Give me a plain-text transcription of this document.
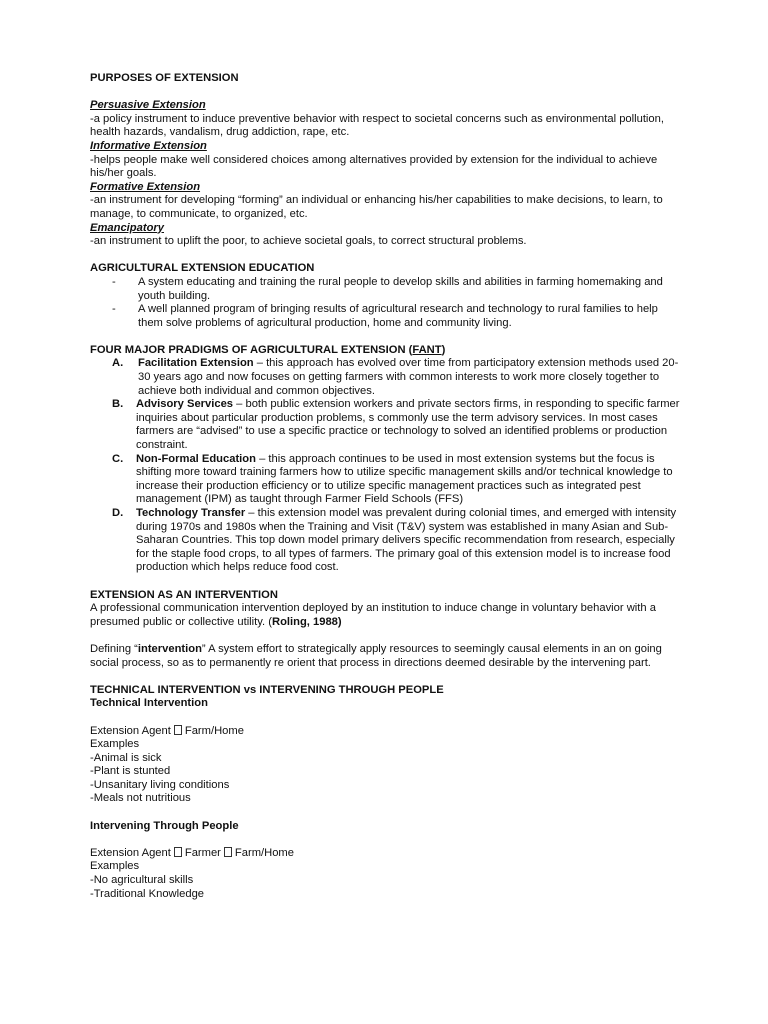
PURPOSES OF EXTENSION

Persuasive Extension

-a policy instrument to induce preventive behavior with respect to societal concerns such as environmental pollution, health hazards, vandalism, drug addiction, rape, etc.

Informative Extension

-helps people make well considered choices among alternatives provided by extension for the individual to achieve his/her goals.

Formative Extension

-an instrument for developing “forming” an individual or enhancing his/her capabilities to make decisions, to learn, to manage, to communicate, to organized, etc.

Emancipatory

-an instrument to uplift the poor, to achieve societal goals, to correct structural problems.

AGRICULTURAL EXTENSION EDUCATION

- A system educating and training the rural people to develop skills and abilities in farming homemaking and youth building.
- A well planned program of bringing results of agricultural research and technology to rural families to help them solve problems of agricultural production, home and community living.

FOUR MAJOR PRADIGMS OF AGRICULTURAL EXTENSION (FANT)

A. Facilitation Extension – this approach has evolved over time from participatory extension methods used 20-30 years ago and now focuses on getting farmers with common interests to work more closely together to achieve both individual and common objectives.
B. Advisory Services – both public extension workers and private sectors firms, in responding to specific farmer inquiries about particular production problems, s commonly use the term advisory services. In most cases farmers are “advised” to use a specific practice or technology to solved an identified problems or production constraint.
C. Non-Formal Education – this approach continues to be used in most extension systems but the focus is shifting more toward training farmers how to utilize specific management skills and/or technical knowledge to increase their production efficiency or to utilize specific management practices such as integrated pest management (IPM) as taught through Farmer Field Schools (FFS)
D. Technology Transfer – this extension model was prevalent during colonial times, and emerged with intensity during 1970s and 1980s when the Training and Visit (T&V) system was established in many Asian and Sub-Saharan Countries. This top down model primary delivers specific recommendation from research, especially for the staple food crops, to all types of farmers. The primary goal of this extension model is to increase food production which helps reduce food cost.

EXTENSION AS AN INTERVENTION

A professional communication intervention deployed by an institution to induce change in voluntary behavior with a presumed public or collective utility. (Roling, 1988)

Defining “intervention” A system effort to strategically apply resources to seemingly causal elements in an on going social process, so as to permanently re orient that process in directions deemed desirable by the intervening part.

TECHNICAL INTERVENTION vs INTERVENING THROUGH PEOPLE

Technical Intervention

Extension Agent Farm/Home

Examples

-Animal is sick

-Plant is stunted

-Unsanitary living conditions

-Meals not nutritious

Intervening Through People

Extension Agent Farmer Farm/Home

Examples

-No agricultural skills

-Traditional Knowledge
